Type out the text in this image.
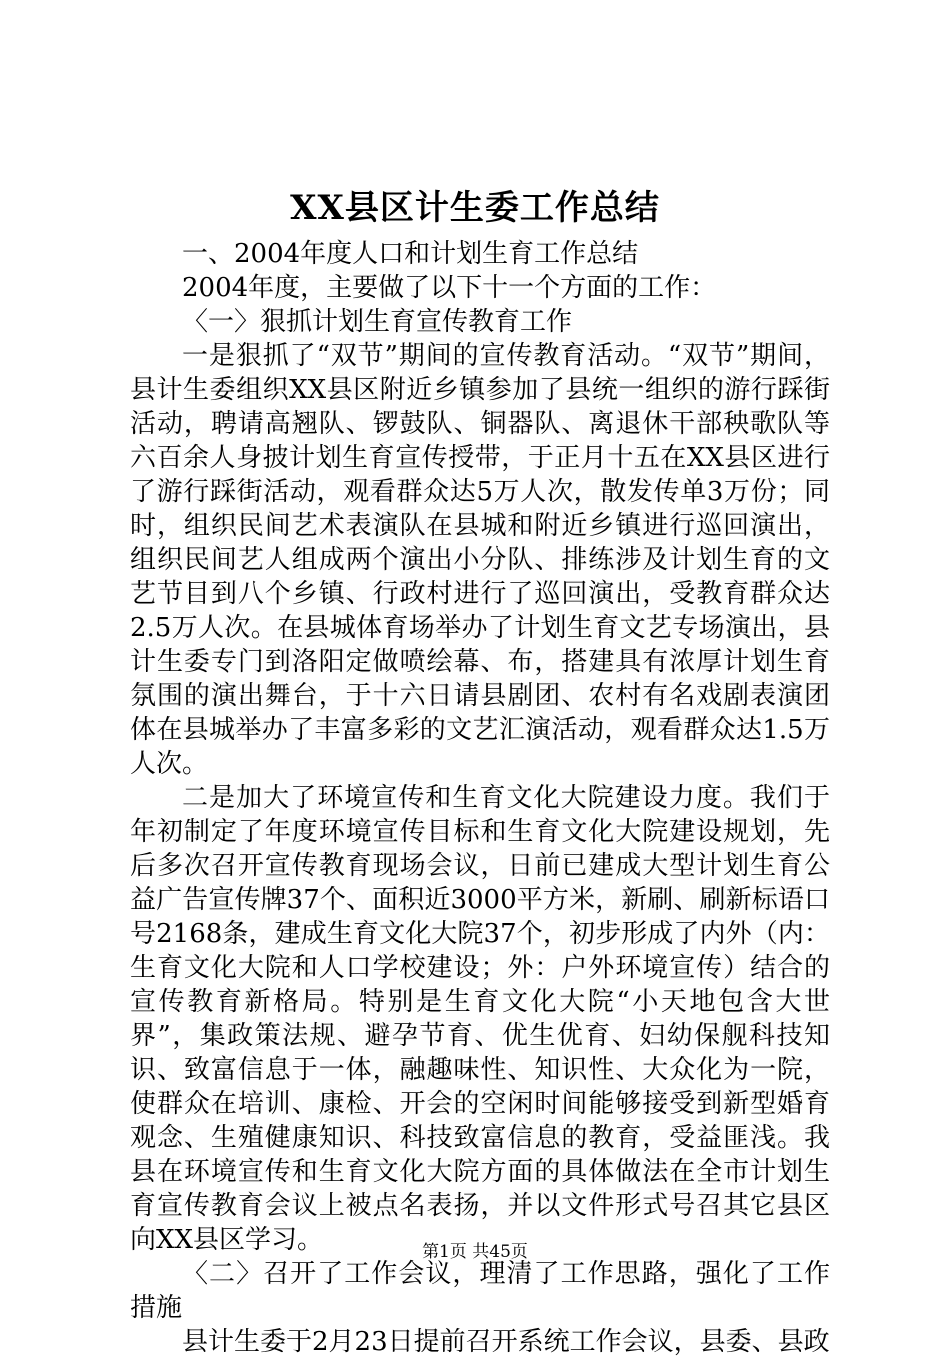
XX县区计生委工作总结

一、2004年度人口和计划生育工作总结

2004年度，主要做了以下十一个方面的工作：

〈一〉狠抓计划生育宣传教育工作

一是狠抓了“双节”期间的宣传教育活动。“双节”期间，县计生委组织XX县区附近乡镇参加了县统一组织的游行踩街活动，聘请高翘队、锣鼓队、铜器队、离退休干部秧歌队等六百余人身披计划生育宣传授带，于正月十五在XX县区进行了游行踩街活动，观看群众达5万人次，散发传单3万份；同时，组织民间艺术表演队在县城和附近乡镇进行巡回演出，组织民间艺人组成两个演出小分队、排练涉及计划生育的文艺节目到八个乡镇、行政村进行了巡回演出，受教育群众达2.5万人次。在县城体育场举办了计划生育文艺专场演出，县计生委专门到洛阳定做喷绘幕、布，搭建具有浓厚计划生育氛围的演出舞台，于十六日请县剧团、农村有名戏剧表演团体在县城举办了丰富多彩的文艺汇演活动，观看群众达1.5万人次。

二是加大了环境宣传和生育文化大院建设力度。我们于年初制定了年度环境宣传目标和生育文化大院建设规划，先后多次召开宣传教育现场会议，日前已建成大型计划生育公益广告宣传牌37个、面积近3000平方米，新刷、刷新标语口号2168条，建成生育文化大院37个，初步形成了内外（内：生育文化大院和人口学校建设；外：户外环境宣传）结合的宣传教育新格局。特别是生育文化大院“小天地包含大世界”，集政策法规、避孕节育、优生优育、妇幼保舰科技知识、致富信息于一体，融趣味性、知识性、大众化为一院，使群众在培训、康检、开会的空闲时间能够接受到新型婚育观念、生殖健康知识、科技致富信息的教育，受益匪浅。我县在环境宣传和生育文化大院方面的具体做法在全市计划生育宣传教育会议上被点名表扬，并以文件形式号召其它县区向XX县区学习。

〈二〉召开了工作会议，理清了工作思路，强化了工作措施

县计生委于2月23日提前召开系统工作会议，县委、县政

第1页 共45页
